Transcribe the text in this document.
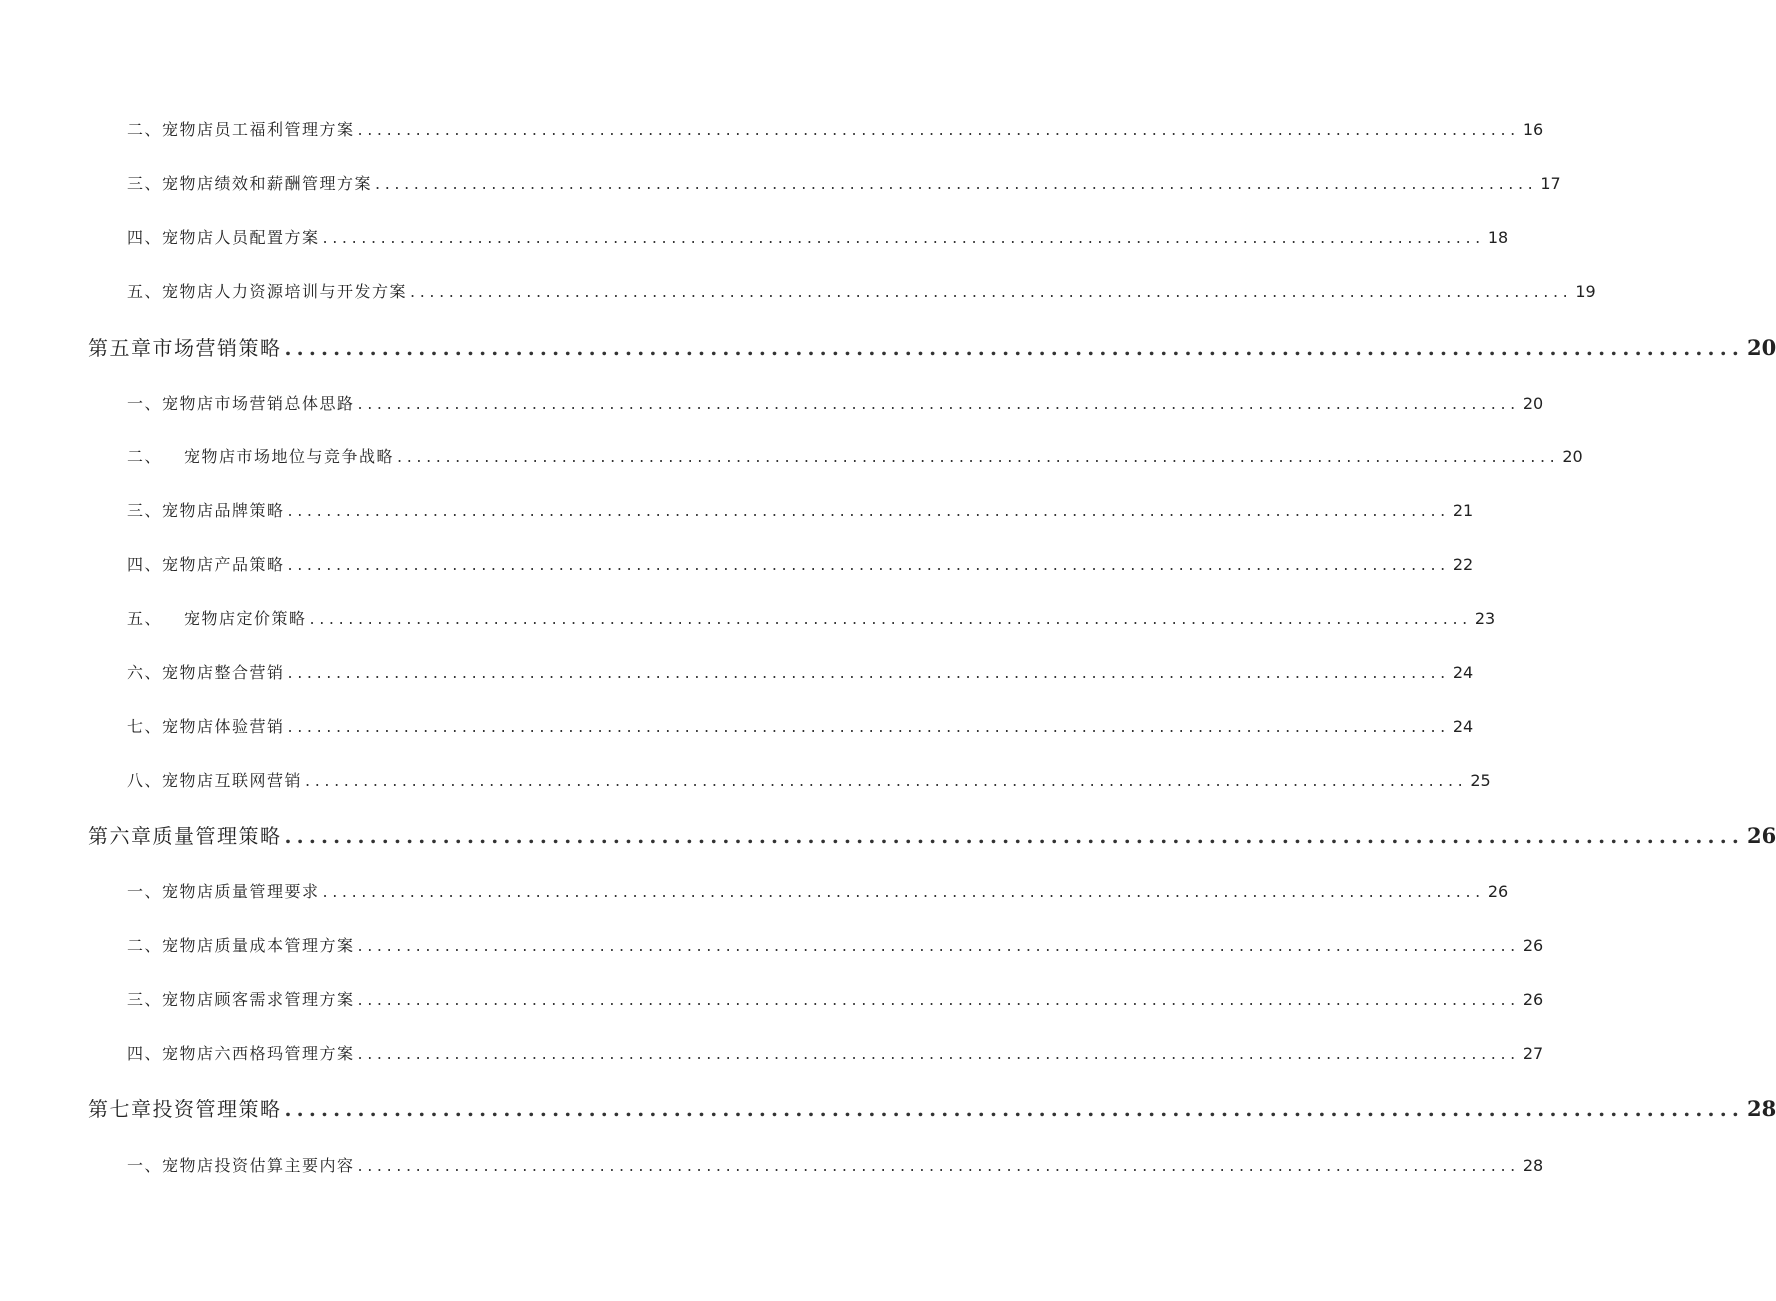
二、宠物店员工福利管理方案 ........................................................................................................................ 16
三、宠物店绩效和薪酬管理方案 ........................................................................................................................ 17
四、宠物店人员配置方案 ........................................................................................................................ 18
五、宠物店人力资源培训与开发方案 ........................................................................................................................ 19
第五章市场营销策略 ........................................................................................................................ 20
一、宠物店市场营销总体思路 ........................................................................................................................ 20
二、 宠物店市场地位与竞争战略 ........................................................................................................................ 20
三、宠物店品牌策略 ........................................................................................................................ 21
四、宠物店产品策略 ........................................................................................................................ 22
五、 宠物店定价策略 ........................................................................................................................ 23
六、宠物店整合营销 ........................................................................................................................ 24
七、宠物店体验营销 ........................................................................................................................ 24
八、宠物店互联网营销 ........................................................................................................................ 25
第六章质量管理策略 ........................................................................................................................ 26
一、宠物店质量管理要求 ........................................................................................................................ 26
二、宠物店质量成本管理方案 ........................................................................................................................ 26
三、宠物店顾客需求管理方案 ........................................................................................................................ 26
四、宠物店六西格玛管理方案 ........................................................................................................................ 27
第七章投资管理策略 ........................................................................................................................ 28
一、宠物店投资估算主要内容 ........................................................................................................................ 28
